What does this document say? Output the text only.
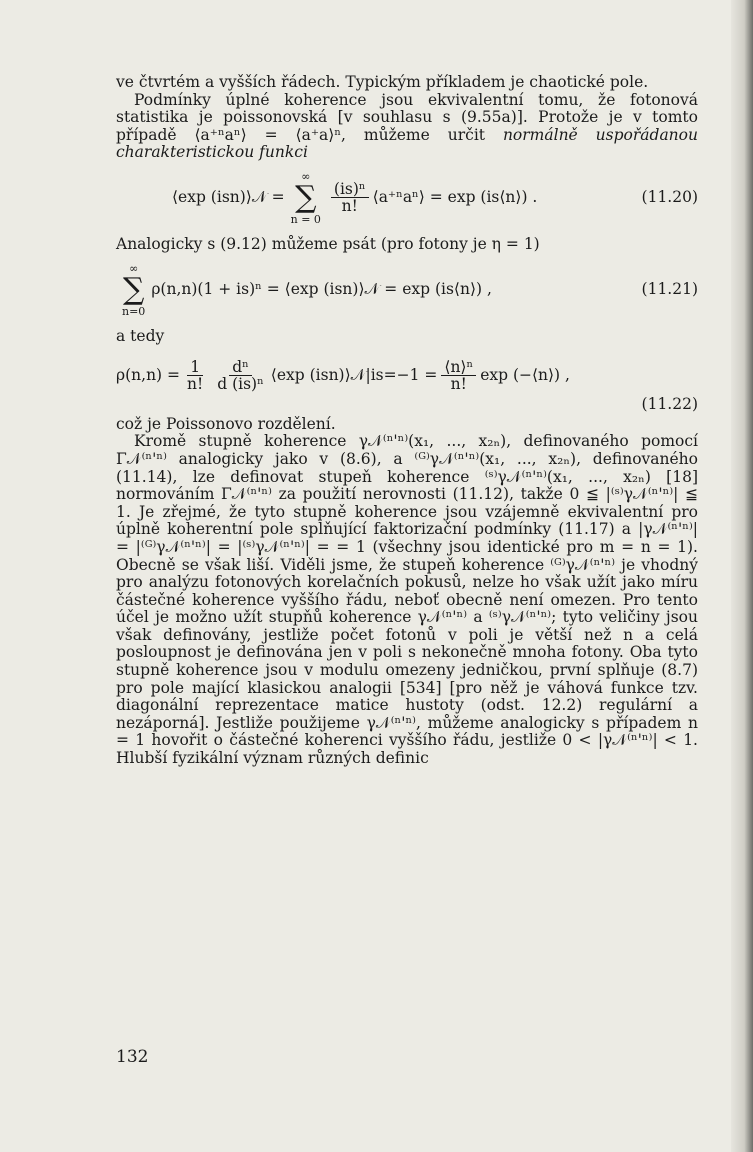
ve čtvrtém a vyšších řádech. Typickým příkladem je chaotické pole.

Podmínky úplné koherence jsou ekvivalentní tomu, že fotonová statistika je poissonovská [v souhlasu s (9.55a)]. Protože je v tomto případě ⟨a⁺ⁿaⁿ⟩ = ⟨a⁺a⟩ⁿ, můžeme určit normálně uspořádanou charakteristickou funkci

⟨exp (isn)⟩𝒩 =
∞
∑
n = 0
$\frac{\text{(is)ⁿ}}{n!}$ ⟨a⁺ⁿaⁿ⟩ = exp (is⟨n⟩) .	(11.20)

Analogicky s (9.12) můžeme psát (pro fotony je η = 1)

∞
∑
n=0
ρ(n,n)(1 + is)ⁿ = ⟨exp (isn)⟩𝒩 = exp (is⟨n⟩) ,	(11.21)

a tedy

$\rho(n,n) = \frac{1}{n!} \frac{\text{dⁿ}}{\text{d (is)ⁿ}}$ ⟨exp (isn)⟩𝒩|is=−1 = $\frac{\text{⟨n⟩ⁿ}}{n!}$ exp (−⟨n⟩) ,
(11.22)

což je Poissonovo rozdělení.

Kromě stupně koherence γ𝒩⁽ⁿ'ⁿ⁾(x₁, ..., x₂ₙ), definovaného pomocí Γ𝒩⁽ⁿ'ⁿ⁾ analogicky jako v (8.6), a ⁽ᴳ⁾γ𝒩⁽ⁿ'ⁿ⁾(x₁, ..., x₂ₙ), definovaného (11.14), lze definovat stupeň koherence ⁽ˢ⁾γ𝒩⁽ⁿ'ⁿ⁾(x₁, ..., x₂ₙ) [18] normováním Γ𝒩⁽ⁿ'ⁿ⁾ za použití nerovnosti (11.12), takže 0 ≦ |⁽ˢ⁾γ𝒩⁽ⁿ'ⁿ⁾| ≦ 1. Je zřejmé, že tyto stupně koherence jsou vzájemně ekvivalentní pro úplně koherentní pole splňující faktorizační podmínky (11.17) a |γ𝒩⁽ⁿ'ⁿ⁾| = |⁽ᴳ⁾γ𝒩⁽ⁿ'ⁿ⁾| = |⁽ˢ⁾γ𝒩⁽ⁿ'ⁿ⁾| = = 1 (všechny jsou identické pro m = n = 1). Obecně se však liší. Viděli jsme, že stupeň koherence ⁽ᴳ⁾γ𝒩⁽ⁿ'ⁿ⁾ je vhodný pro analýzu fotonových korelačních pokusů, nelze ho však užít jako míru částečné koherence vyššího řádu, neboť obecně není omezen. Pro tento účel je možno užít stupňů koherence γ𝒩⁽ⁿ'ⁿ⁾ a ⁽ˢ⁾γ𝒩⁽ⁿ'ⁿ⁾; tyto veličiny jsou však definovány, jestliže počet fotonů v poli je větší než n a celá posloupnost je definována jen v poli s nekonečně mnoha fotony. Oba tyto stupně koherence jsou v modulu omezeny jedničkou, první splňuje (8.7) pro pole mající klasickou analogii [534] [pro něž je váhová funkce tzv. diagonální reprezentace matice hustoty (odst. 12.2) regulární a nezáporná]. Jestliže použijeme γ𝒩⁽ⁿ'ⁿ⁾, můžeme analogicky s případem n = 1 hovořit o částečné koherenci vyššího řádu, jestliže 0 < |γ𝒩⁽ⁿ'ⁿ⁾| < 1. Hlubší fyzikální význam různých definic

132
